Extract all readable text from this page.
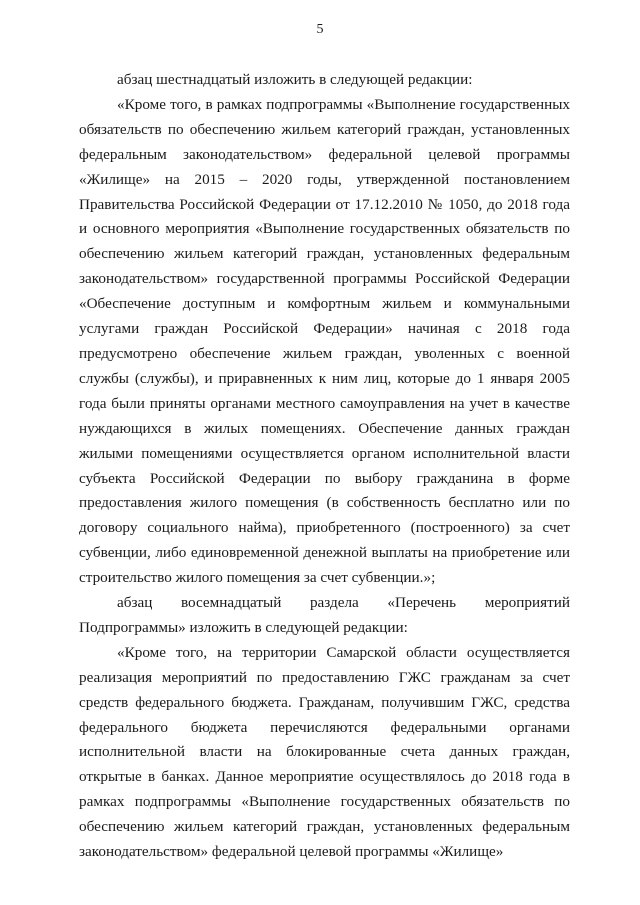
5

абзац шестнадцатый изложить в следующей редакции:

«Кроме того, в рамках подпрограммы «Выполнение государственных обязательств по обеспечению жильем категорий граждан, установленных федеральным законодательством» федеральной целевой программы «Жилище» на 2015 – 2020 годы, утвержденной постановлением Правительства Российской Федерации от 17.12.2010 № 1050, до 2018 года и основного мероприятия «Выполнение государственных обязательств по обеспечению жильем категорий граждан, установленных федеральным законодательством» государственной программы Российской Федерации «Обеспечение доступным и комфортным жильем и коммунальными услугами граждан Российской Федерации» начиная с 2018 года предусмотрено обеспечение жильем граждан, уволенных с военной службы (службы), и приравненных к ним лиц, которые до 1 января 2005 года были приняты органами местного самоуправления на учет в качестве нуждающихся в жилых помещениях. Обеспечение данных граждан жилыми помещениями осуществляется органом исполнительной власти субъекта Российской Федерации по выбору гражданина в форме предоставления жилого помещения (в собственность бесплатно или по договору социального найма), приобретенного (построенного) за счет субвенции, либо единовременной денежной выплаты на приобретение или строительство жилого помещения за счет субвенции.»;

абзац восемнадцатый раздела «Перечень мероприятий Подпрограммы» изложить в следующей редакции:

«Кроме того, на территории Самарской области осуществляется реализация мероприятий по предоставлению ГЖС гражданам за счет средств федерального бюджета. Гражданам, получившим ГЖС, средства федерального бюджета перечисляются федеральными органами исполнительной власти на блокированные счета данных граждан, открытые в банках. Данное мероприятие осуществлялось до 2018 года в рамках подпрограммы «Выполнение государственных обязательств по обеспечению жильем категорий граждан, установленных федеральным законодательством» федеральной целевой программы «Жилище»
